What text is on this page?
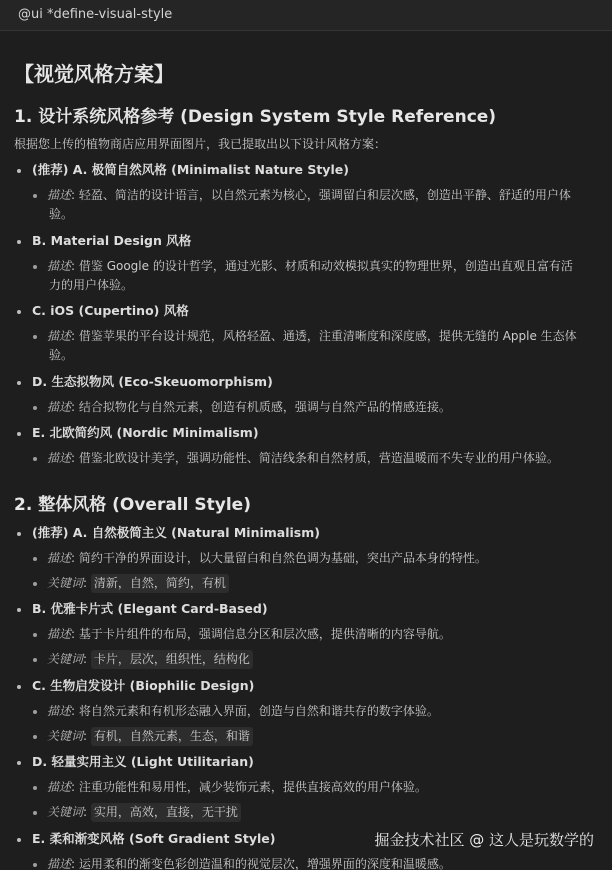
@ui *define-visual-style
【视觉风格方案】
1. 设计系统风格参考 (Design System Style Reference)
根据您上传的植物商店应用界面图片，我已提取出以下设计风格方案：
(推荐) A. 极简自然风格 (Minimalist Nature Style)
描述: 轻盈、简洁的设计语言，以自然元素为核心，强调留白和层次感，创造出平静、舒适的用户体
验。
B. Material Design 风格
描述: 借鉴 Google 的设计哲学，通过光影、材质和动效模拟真实的物理世界，创造出直观且富有活
力的用户体验。
C. iOS (Cupertino) 风格
描述: 借鉴苹果的平台设计规范，风格轻盈、通透，注重清晰度和深度感，提供无缝的 Apple 生态体
验。
D. 生态拟物风 (Eco-Skeuomorphism)
描述: 结合拟物化与自然元素，创造有机质感，强调与自然产品的情感连接。
E. 北欧简约风 (Nordic Minimalism)
描述: 借鉴北欧设计美学，强调功能性、简洁线条和自然材质，营造温暖而不失专业的用户体验。
2. 整体风格 (Overall Style)
(推荐) A. 自然极简主义 (Natural Minimalism)
描述: 简约干净的界面设计，以大量留白和自然色调为基础，突出产品本身的特性。
关键词: 清新，自然，简约，有机
B. 优雅卡片式 (Elegant Card-Based)
描述: 基于卡片组件的布局，强调信息分区和层次感，提供清晰的内容导航。
关键词: 卡片，层次，组织性，结构化
C. 生物启发设计 (Biophilic Design)
描述: 将自然元素和有机形态融入界面，创造与自然和谐共存的数字体验。
关键词: 有机，自然元素，生态，和谐
D. 轻量实用主义 (Light Utilitarian)
描述: 注重功能性和易用性，减少装饰元素，提供直接高效的用户体验。
关键词: 实用，高效，直接，无干扰
E. 柔和渐变风格 (Soft Gradient Style)
描述: 运用柔和的渐变色彩创造温和的视觉层次，增强界面的深度和温暖感。
掘金技术社区 @ 这人是玩数学的
